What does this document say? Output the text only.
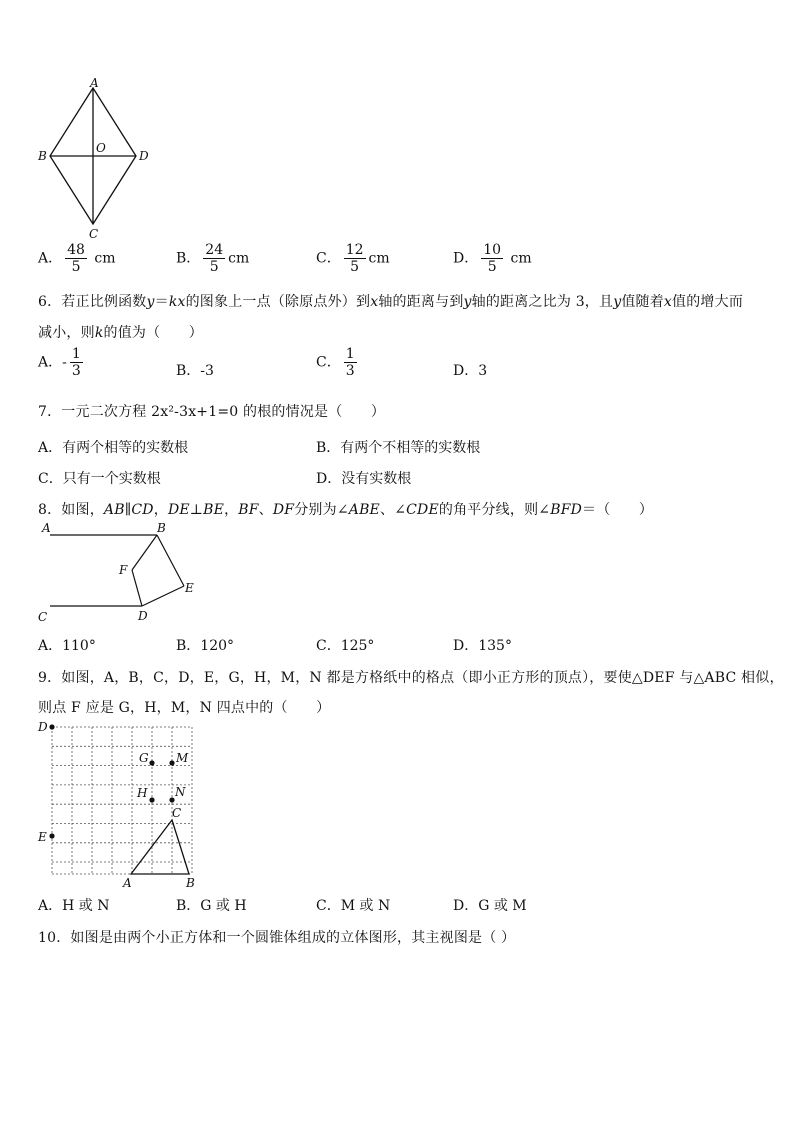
A
B	D
C
O
A． $\frac{48}{5}$ cm	B． $\frac{24}{5}$ cm	C． $\frac{12}{5}$ cm	D． $\frac{10}{5}$ cm
6．若正比例函数y＝kx的图象上一点（除原点外）到x轴的距离与到y轴的距离之比为 3，且y值随着x值的增大而
减小，则k的值为（　　）
A．- $\frac{1}{3}$	B．-3
C． $\frac{1}{3}$	D．3
7．一元二次方程 2x²-3x+1=0 的根的情况是（　　）
A．有两个相等的实数根	B．有两个不相等的实数根
C．只有一个实数根	D．没有实数根
8．如图，AB∥CD，DE⊥BE，BF、DF分别为∠ABE、∠CDE的角平分线，则∠BFD＝（　　）
A	B
F
E
C	D
A．110°	B．120°	C．125°	D．135°
9．如图，A，B，C，D，E，G，H，M，N 都是方格纸中的格点（即小正方形的顶点），要使△DEF 与△ABC 相似，
则点 F 应是 G，H，M，N 四点中的（　　）
D
E
G M
H N
C
A	B
A．H 或 N	B．G 或 H	C．M 或 N	D．G 或 M
10．如图是由两个小正方体和一个圆锥体组成的立体图形，其主视图是（ ）
